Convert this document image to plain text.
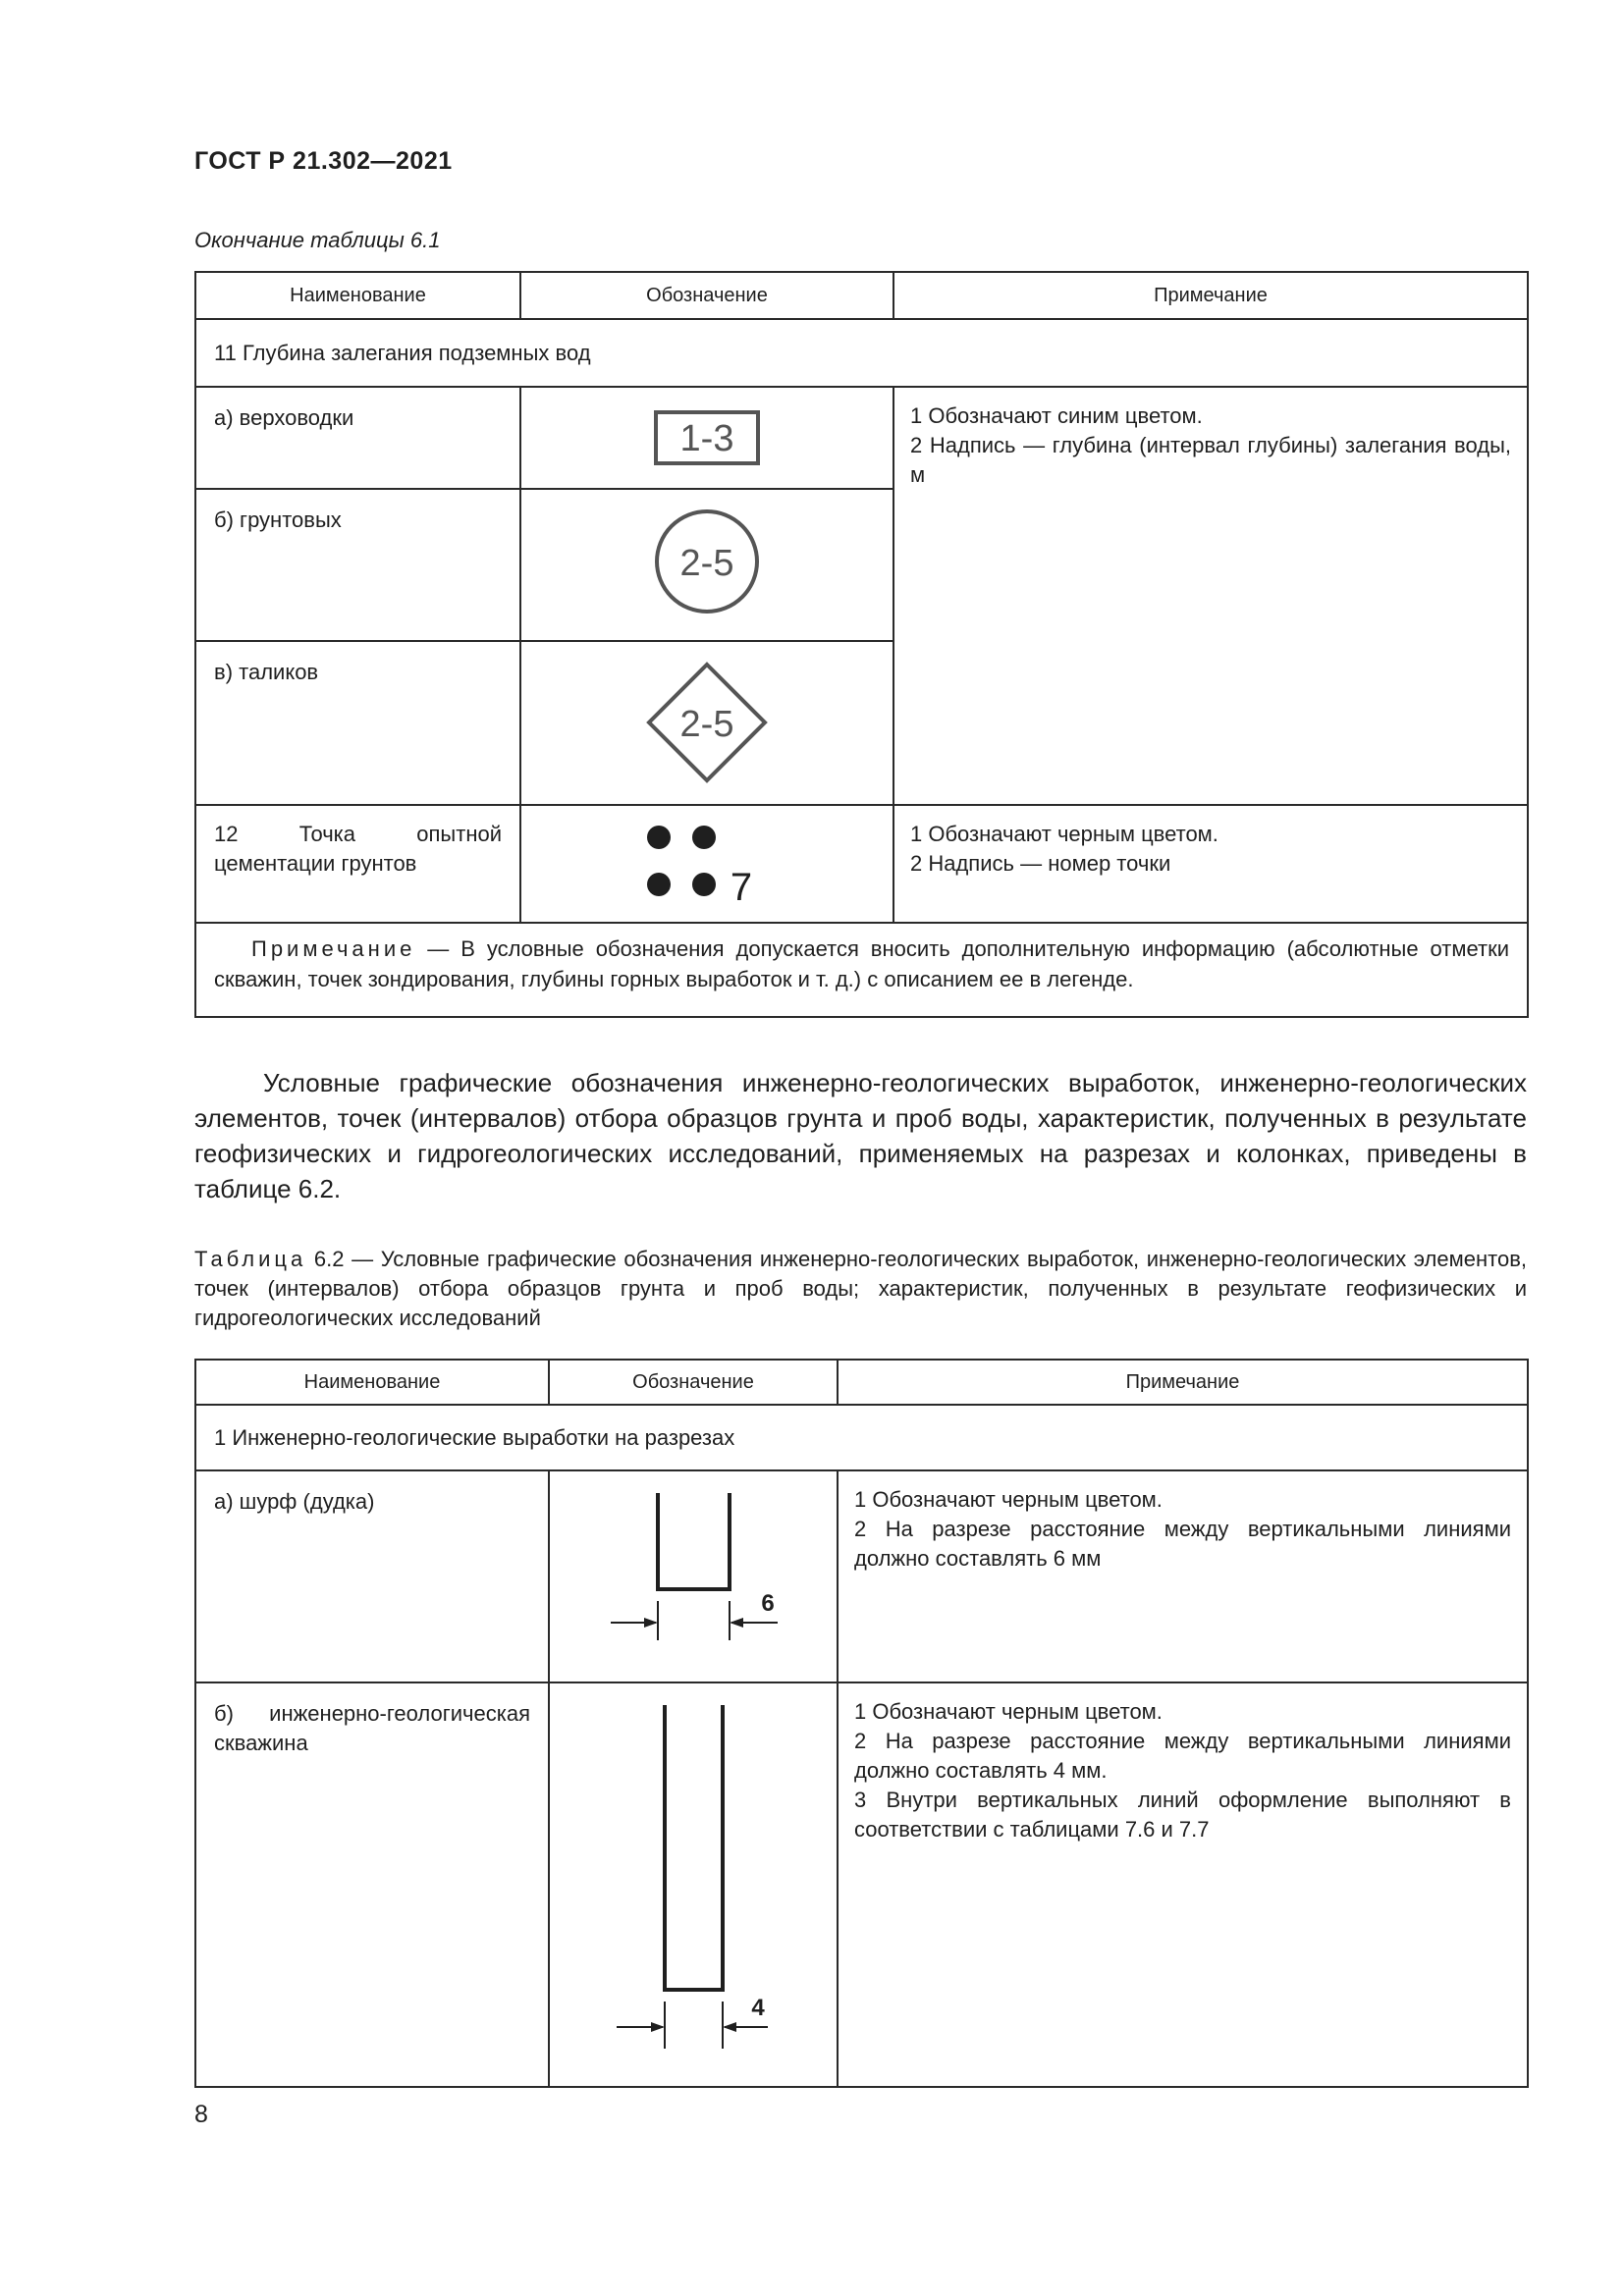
ГОСТ Р 21.302—2021
Окончание таблицы 6.1
Наименование	Обозначение	Примечание

11 Глубина залегания подземных вод		

а) верховодки	1-3	1 Обозначают синим цветом.
2 Надпись — глубина (интервал глубины) залегания воды, м

б) грунтовых	2-5	

в) таликов	2-5	

12 Точка опытной цементации грунтов	7	1 Обозначают черным цветом.
2 Надпись — номер точки

Примечание — В условные обозначения допускается вносить дополнительную информацию (абсолютные отметки скважин, точек зондирования, глубины горных выработок и т. д.) с описанием ее в легенде.		
Условные графические обозначения инженерно-геологических выработок, инженерно-геологических элементов, точек (интервалов) отбора образцов грунта и проб воды, характеристик, полученных в результате геофизических и гидрогеологических исследований, применяемых на разрезах и колонках, приведены в таблице 6.2.
Таблица 6.2 — Условные графические обозначения инженерно-геологических выработок, инженерно-геологических элементов, точек (интервалов) отбора образцов грунта и проб воды; характеристик, полученных в результате геофизических и гидрогеологических исследований
Наименование	Обозначение	Примечание

1 Инженерно-геологические выработки на разрезах		

а) шурф (дудка)	6	1 Обозначают черным цветом.
2 На разрезе расстояние между вертикальными линиями должно составлять 6 мм

б) инженерно-геологическая скважина	4	1 Обозначают черным цветом.
2 На разрезе расстояние между вертикальными линиями должно составлять 4 мм.
3 Внутри вертикальных линий оформление выполняют в соответствии с таблицами 7.6 и 7.7
8
